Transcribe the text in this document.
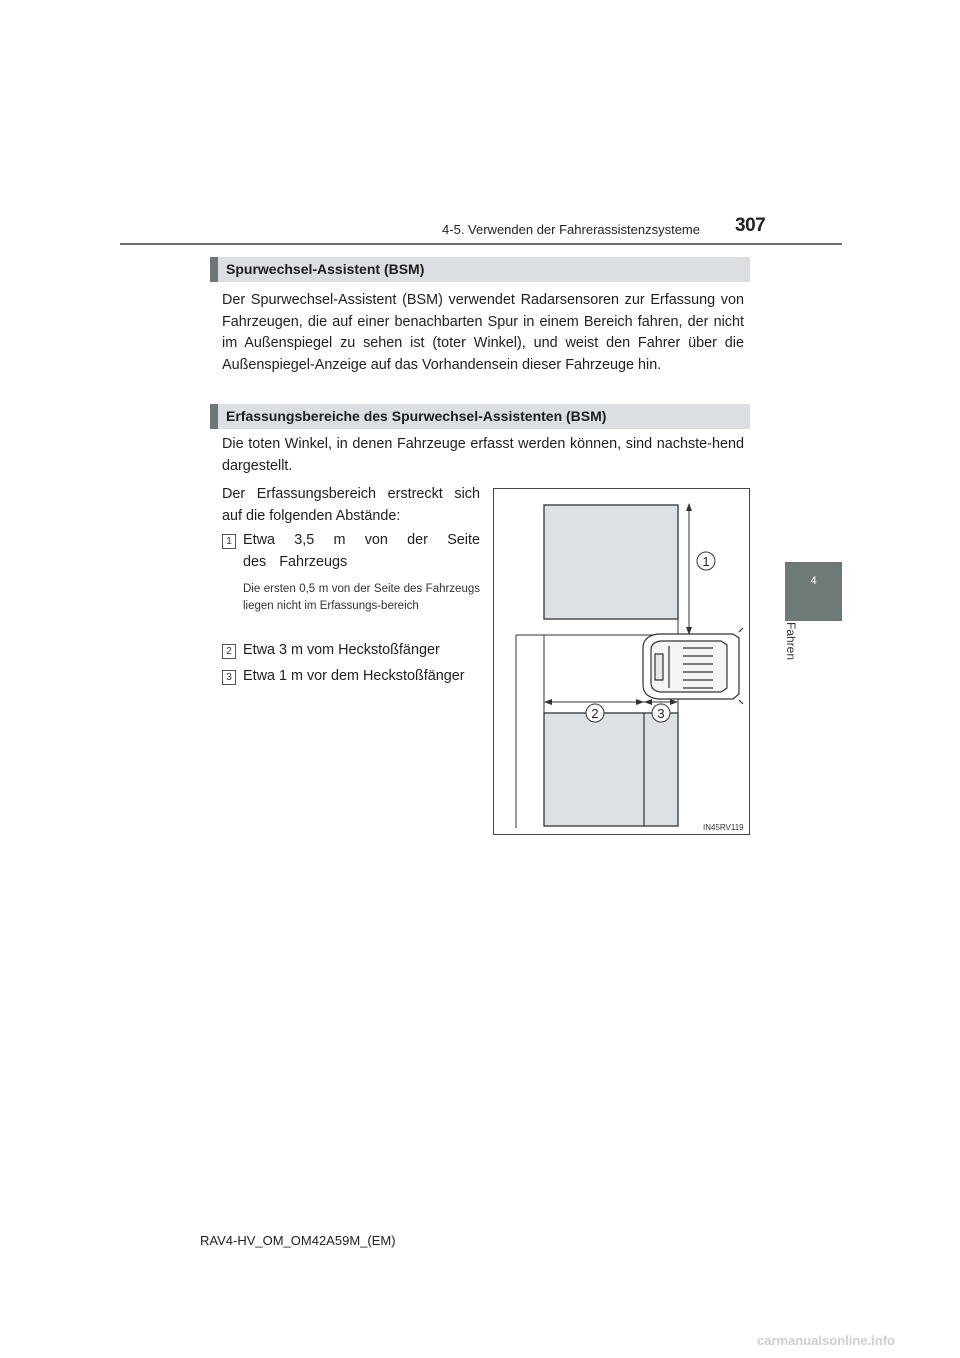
4-5. Verwenden der Fahrerassistenzsysteme 307
4
Fahren
Spurwechsel-Assistent (BSM)
Der Spurwechsel-Assistent (BSM) verwendet Radarsensoren zur Erfassung von Fahrzeugen, die auf einer benachbarten Spur in einem Bereich fahren, der nicht im Außenspiegel zu sehen ist (toter Winkel), und weist den Fahrer über die Außenspiegel-Anzeige auf das Vorhandensein dieser Fahrzeuge hin.
Erfassungsbereiche des Spurwechsel-Assistenten (BSM)
Die toten Winkel, in denen Fahrzeuge erfasst werden können, sind nachste-hend dargestellt.
Der Erfassungsbereich erstreckt sich auf die folgenden Abstände:
1 Etwa 3,5 m von der Seite des Fahrzeugs
Die ersten 0,5 m von der Seite des Fahrzeugs liegen nicht im Erfassungs-bereich
2 Etwa 3 m vom Heckstoßfänger
3 Etwa 1 m vor dem Heckstoßfänger
1
2	3
IN45RV119
RAV4-HV_OM_OM42A59M_(EM)
carmanualsonline.info
